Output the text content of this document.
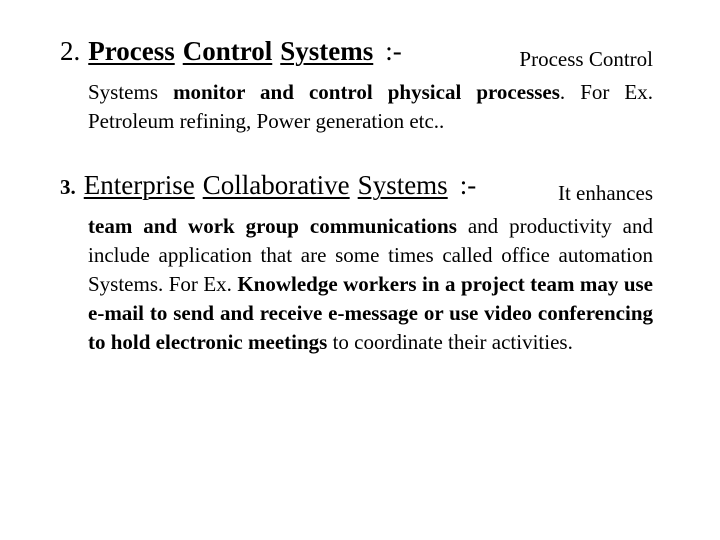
2. Process Control Systems :-	Process Control
Systems monitor and control physical processes. For Ex. Petroleum refining, Power generation etc..
3. Enterprise Collaborative Systems :-	It enhances
team and work group communications and productivity and include application that are some times called office automation Systems. For Ex. Knowledge workers in a project team may use e-mail to send and receive e-message or use video conferencing to hold electronic meetings to coordinate their activities.
